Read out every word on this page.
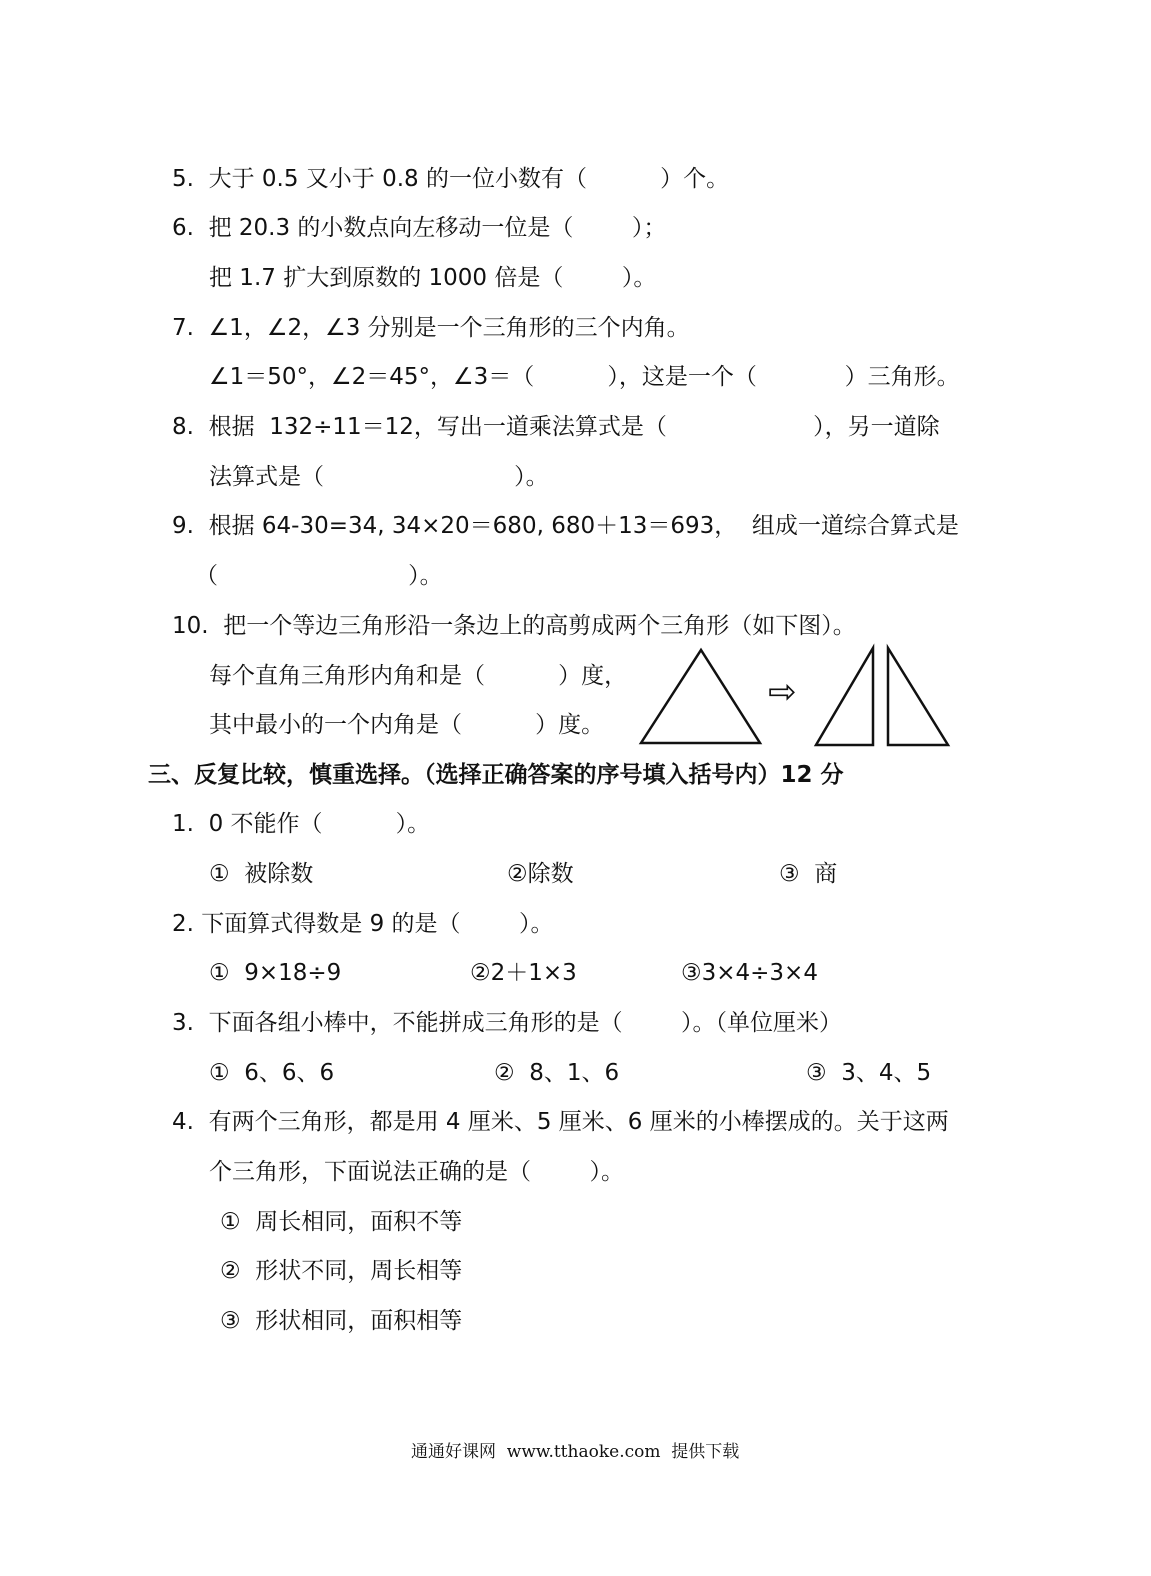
5.  大于 0.5 又小于 0.8 的一位小数有（          ）个。
6.  把 20.3 的小数点向左移动一位是（        ）；
把 1.7 扩大到原数的 1000 倍是（        ）。
7.  ∠1，∠2，∠3 分别是一个三角形的三个内角。
∠1＝50°，∠2＝45°，∠3＝（          ），这是一个（            ）三角形。
8.  根据  132÷11＝12，写出一道乘法算式是（                    ），另一道除
法算式是（                          ）。
9.  根据 64-30=34, 34×20＝680, 680＋13＝693，  组成一道综合算式是
（                          ）。
10.  把一个等边三角形沿一条边上的高剪成两个三角形（如下图）。
每个直角三角形内角和是（          ）度，
其中最小的一个内角是（          ）度。
⇨
三、反复比较，慎重选择。（选择正确答案的序号填入括号内）12 分
1.  0 不能作（          ）。
①  被除数	②除数	③  商
2. 下面算式得数是 9 的是（        ）。
①  9×18÷9	②2＋1×3	③3×4÷3×4
3.  下面各组小棒中，不能拼成三角形的是（        ）。（单位厘米）
①  6、6、6	②  8、1、6	③  3、4、5
4.  有两个三角形，都是用 4 厘米、5 厘米、6 厘米的小棒摆成的。关于这两
个三角形，下面说法正确的是（        ）。
①  周长相同，面积不等
②  形状不同，周长相等
③  形状相同，面积相等
通通好课网  www.tthaoke.com  提供下载
